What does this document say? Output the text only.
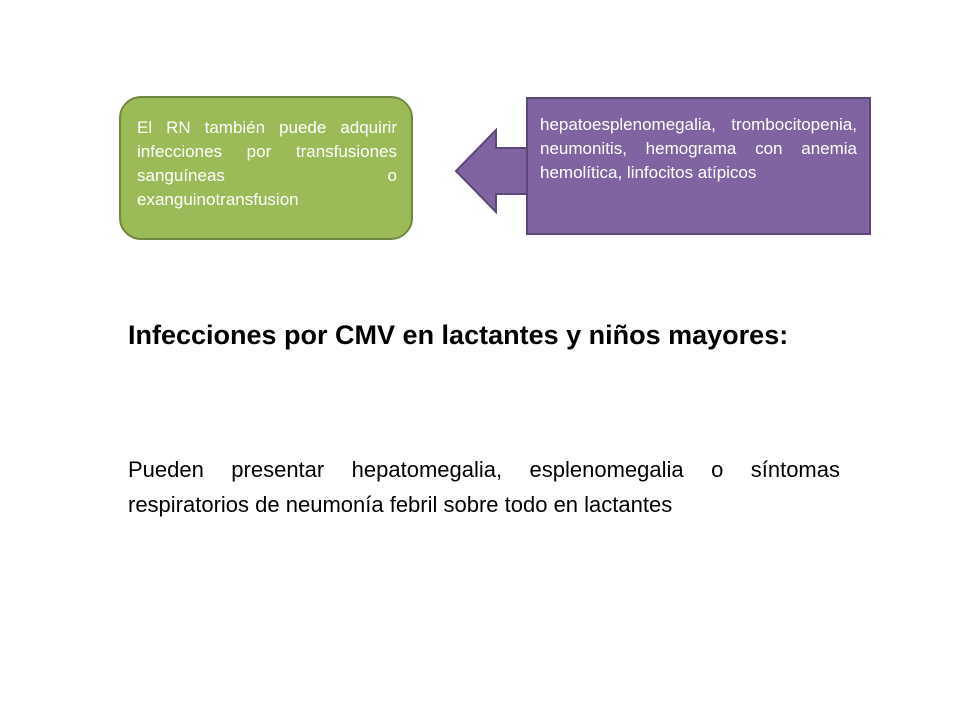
El RN también puede adquirir infecciones por transfusiones sanguíneas o exanguinotransfusion
hepatoesplenomegalia, trombocitopenia, neumonitis, hemograma con anemia hemolítica, linfocitos atípicos
Infecciones por CMV en lactantes y niños mayores:

Pueden presentar hepatomegalia, esplenomegalia o síntomas respiratorios de neumonía febril sobre todo en lactantes
